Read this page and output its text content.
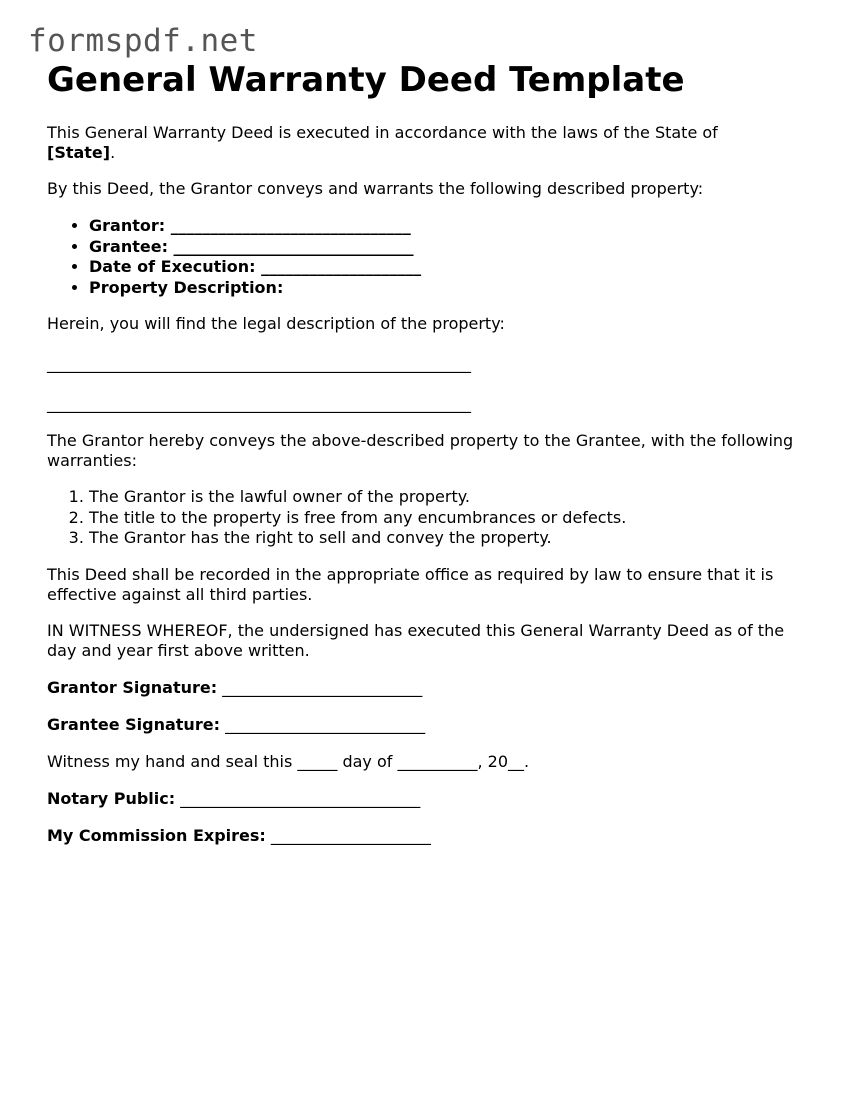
formspdf.net
General Warranty Deed Template

This General Warranty Deed is executed in accordance with the laws of the State of
[State].

By this Deed, the Grantor conveys and warrants the following described property:

• Grantor: ______________________________
• Grantee: ______________________________
• Date of Execution: ____________________
• Property Description:

Herein, you will find the legal description of the property:

_____________________________________________________

_____________________________________________________

The Grantor hereby conveys the above-described property to the Grantee, with the following warranties:

1. The Grantor is the lawful owner of the property.
2. The title to the property is free from any encumbrances or defects.
3. The Grantor has the right to sell and convey the property.

This Deed shall be recorded in the appropriate office as required by law to ensure that it is effective against all third parties.

IN WITNESS WHEREOF, the undersigned has executed this General Warranty Deed as of the day and year first above written.

Grantor Signature: _________________________

Grantee Signature: _________________________

Witness my hand and seal this _____ day of __________, 20__.

Notary Public: ______________________________

My Commission Expires: ____________________
